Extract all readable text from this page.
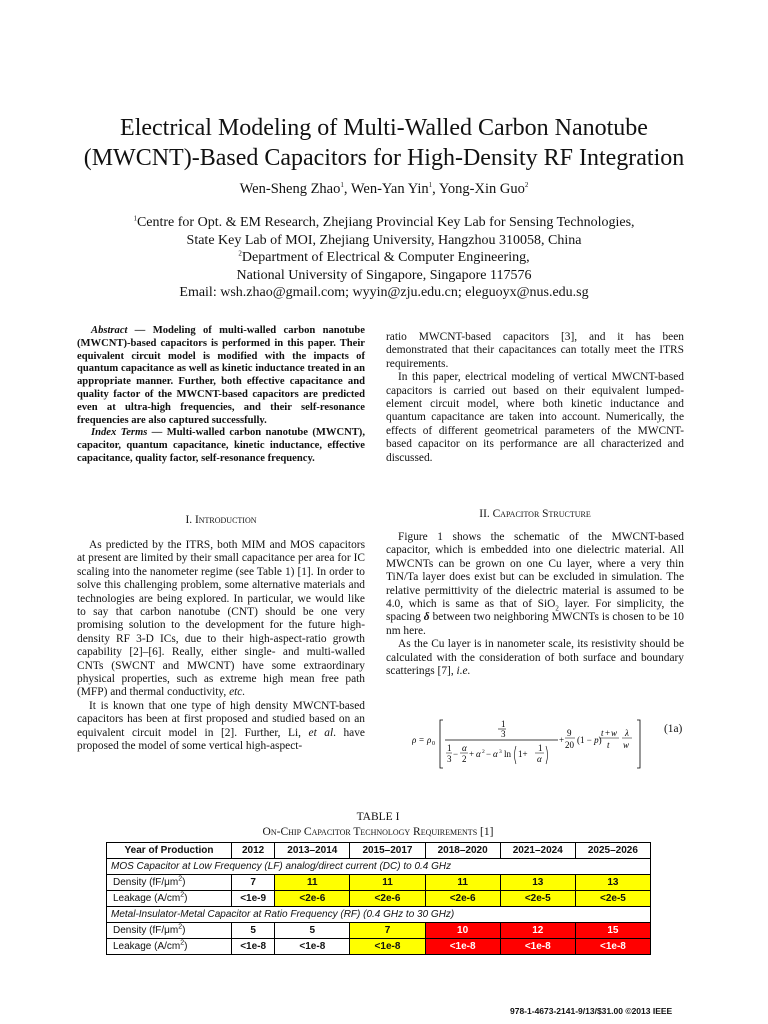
Electrical Modeling of Multi-Walled Carbon Nanotube
(MWCNT)-Based Capacitors for High-Density RF Integration
Wen-Sheng Zhao$^1$, Wen-Yan Yin$^1$, Yong-Xin Guo$^2$
$^1$Centre for Opt. & EM Research, Zhejiang Provincial Key Lab for Sensing Technologies,
State Key Lab of MOI, Zhejiang University, Hangzhou 310058, China
$^2$Department of Electrical & Computer Engineering,
National University of Singapore, Singapore 117576
Email: wsh.zhao@gmail.com; wyyin@zju.edu.cn; eleguoyx@nus.edu.sg

Abstract — Modeling of multi-walled carbon nanotube (MWCNT)-based capacitors is performed in this paper. Their equivalent circuit model is modified with the impacts of quantum capacitance as well as kinetic inductance treated in an appropriate manner. Further, both effective capacitance and quality factor of the MWCNT-based capacitors are predicted even at ultra-high frequencies, and their self-resonance frequencies are also captured successfully.

Index Terms — Multi-walled carbon nanotube (MWCNT), capacitor, quantum capacitance, kinetic inductance, effective capacitance, quality factor, self-resonance frequency.

ratio MWCNT-based capacitors [3], and it has been demonstrated that their capacitances can totally meet the ITRS requirements.

In this paper, electrical modeling of vertical MWCNT-based capacitors is carried out based on their equivalent lumped-element circuit model, where both kinetic inductance and quantum capacitance are taken into account. Numerically, the effects of different geometrical parameters of the MWCNT-based capacitor on its performance are all characterized and discussed.

I. Introduction

As predicted by the ITRS, both MIM and MOS capacitors at present are limited by their small capacitance per area for IC scaling into the nanometer regime (see Table 1) [1]. In order to solve this challenging problem, some alternative materials and technologies are being explored. In particular, we would like to say that carbon nanotube (CNT) should be one very promising solution to the development for the future high-density RF 3-D ICs, due to their high-aspect-ratio growth capability [2]–[6]. Really, either single- and multi-walled CNTs (SWCNT and MWCNT) have some extraordinary physical properties, such as extreme high mean free path (MFP) and thermal conductivity, etc.

It is known that one type of high density MWCNT-based capacitors has been at first proposed and studied based on an equivalent circuit model in [2]. Further, Li, et al. have proposed the model of some vertical high-aspect-

II. Capacitor Structure

Figure 1 shows the schematic of the MWCNT-based capacitor, which is embedded into one dielectric material. All MWCNTs can be grown on one Cu layer, where a very thin TiN/Ta layer does exist but can be excluded in simulation. The relative permittivity of the dielectric material is assumed to be 4.0, which is same as that of SiO$_2$ layer. For simplicity, the spacing δ between two neighboring MWCNTs is chosen to be 10 nm here.

As the Cu layer is in nanometer scale, its resistivity should be calculated with the consideration of both surface and boundary scatterings [7], i.e.

ρ = ρ 0
1
3
1
3 −
α
2 + α 2 − α 3 ln 1+
1
α
+
9
20 (1 − p)
t + w
t
λ
w
(1a)
TABLE I
On-Chip Capacitor Technology Requirements [1]
Year of Production	2012	2013–2014	2015–2017	2018–2020	2021–2024	2025–2026
MOS Capacitor at Low Frequency (LF) analog/direct current (DC) to 0.4 GHz						
Density $(fF/\mu m^2)$	7	11	11	11	13	13
Leakage $(A/cm^2)$	<1e-9	<2e-6	<2e-6	<2e-6	<2e-5	<2e-5
Metal-Insulator-Metal Capacitor at Ratio Frequency (RF) (0.4 GHz to 30 GHz)						
Density $(fF/\mu m^2)$	5	5	7	10	12	15
Leakage $(A/cm^2)$	<1e-8	<1e-8	<1e-8	<1e-8	<1e-8	<1e-8
978-1-4673-2141-9/13/$31.00 ©2013 IEEE
